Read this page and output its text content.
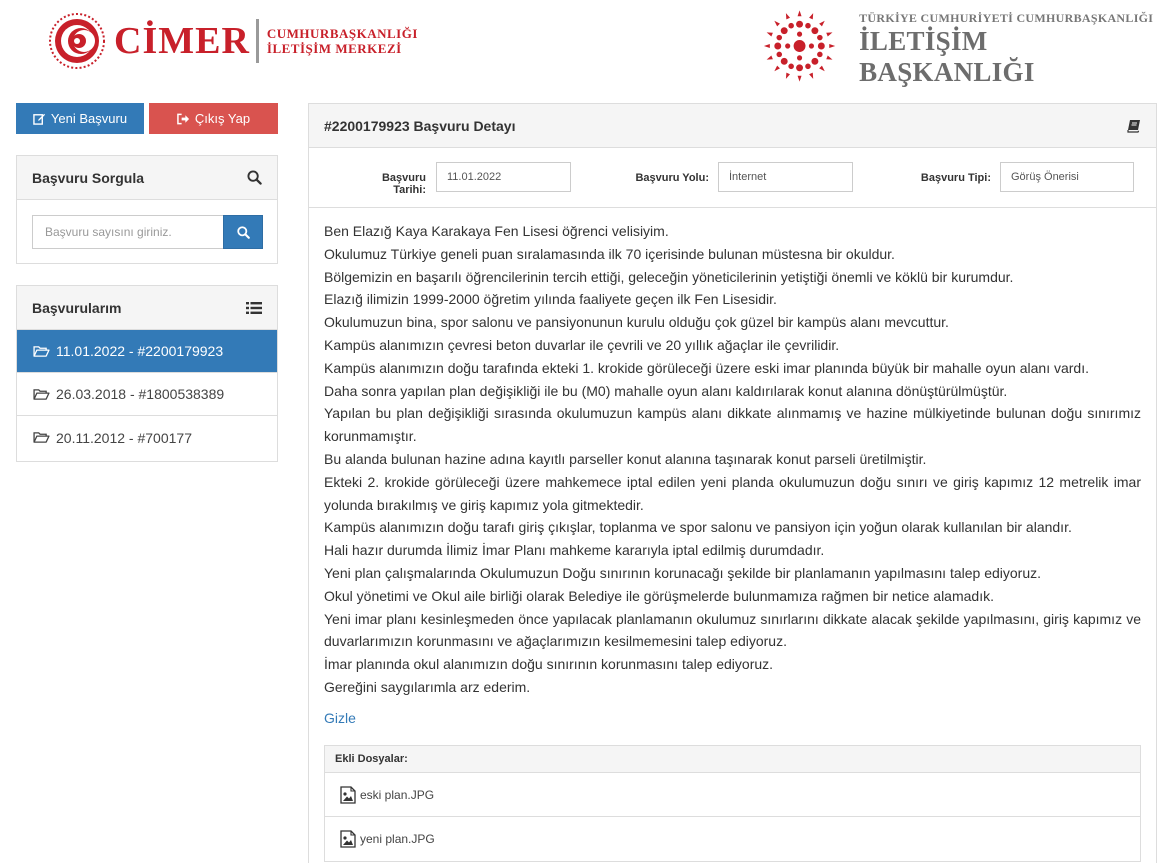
CİMER CUMHURBAŞKANLIĞI
İLETİŞİM MERKEZİ
TÜRKİYE CUMHURİYETİ CUMHURBAŞKANLIĞI
İLETİŞİM BAŞKANLIĞI
Yeni Başvuru	Çıkış Yap
Başvuru Sorgula
Başvuru sayısını giriniz.
Başvurularım
11.01.2022 - #2200179923
26.03.2018 - #1800538389
20.11.2012 - #700177
#2200179923 Başvuru Detayı
Başvuru Tarihi:
11.01.2022	Başvuru Yolu:	İnternet	Başvuru Tipi:	Görüş Önerisi
Ben Elazığ Kaya Karakaya Fen Lisesi öğrenci velisiyim.
Okulumuz Türkiye geneli puan sıralamasında ilk 70 içerisinde bulunan müstesna bir okuldur.
Bölgemizin en başarılı öğrencilerinin tercih ettiği, geleceğin yöneticilerinin yetiştiği önemli ve köklü bir kurumdur.
Elazığ ilimizin 1999-2000 öğretim yılında faaliyete geçen ilk Fen Lisesidir.
Okulumuzun bina, spor salonu ve pansiyonunun kurulu olduğu çok güzel bir kampüs alanı mevcuttur.
Kampüs alanımızın çevresi beton duvarlar ile çevrili ve 20 yıllık ağaçlar ile çevrilidir.
Kampüs alanımızın doğu tarafında ekteki 1. krokide görüleceği üzere eski imar planında büyük bir mahalle oyun alanı vardı.
Daha sonra yapılan plan değişikliği ile bu (M0) mahalle oyun alanı kaldırılarak konut alanına dönüştürülmüştür.
Yapılan bu plan değişikliği sırasında okulumuzun kampüs alanı dikkate alınmamış ve hazine mülkiyetinde bulunan doğu sınırımız korunmamıştır.
Bu alanda bulunan hazine adına kayıtlı parseller konut alanına taşınarak konut parseli üretilmiştir.
Ekteki 2. krokide görüleceği üzere mahkemece iptal edilen yeni planda okulumuzun doğu sınırı ve giriş kapımız 12 metrelik imar yolunda bırakılmış ve giriş kapımız yola gitmektedir.
Kampüs alanımızın doğu tarafı giriş çıkışlar, toplanma ve spor salonu ve pansiyon için yoğun olarak kullanılan bir alandır.
Hali hazır durumda İlimiz İmar Planı mahkeme kararıyla iptal edilmiş durumdadır.
Yeni plan çalışmalarında Okulumuzun Doğu sınırının korunacağı şekilde bir planlamanın yapılmasını talep ediyoruz.
Okul yönetimi ve Okul aile birliği olarak Belediye ile görüşmelerde bulunmamıza rağmen bir netice alamadık.
Yeni imar planı kesinleşmeden önce yapılacak planlamanın okulumuz sınırlarını dikkate alacak şekilde yapılmasını, giriş kapımız ve duvarlarımızın korunmasını ve ağaçlarımızın kesilmemesini talep ediyoruz.
İmar planında okul alanımızın doğu sınırının korunmasını talep ediyoruz.
Gereğini saygılarımla arz ederim.
Gizle
Ekli Dosyalar:
eski plan.JPG
yeni plan.JPG
